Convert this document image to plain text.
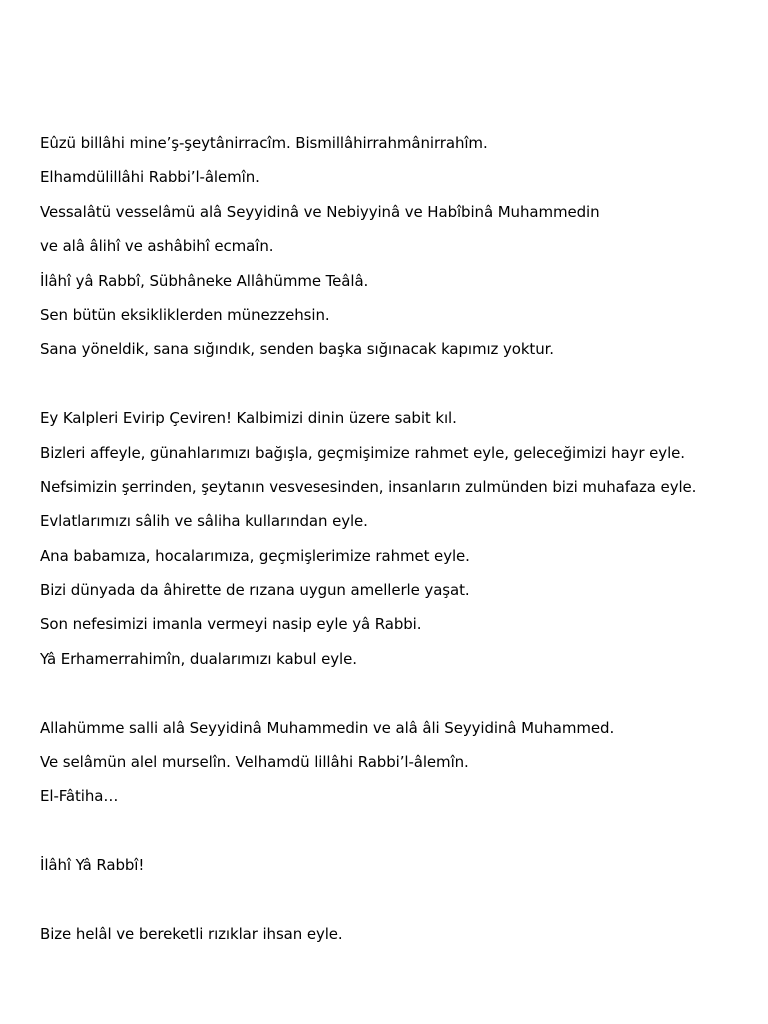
Eûzü billâhi mine’ş-şeytânirracîm. Bismillâhirrahmânirrahîm.
Elhamdülillâhi Rabbi’l-âlemîn.
Vessalâtü vesselâmü alâ Seyyidinâ ve Nebiyyinâ ve Habîbinâ Muhammedin
ve alâ âlihî ve ashâbihî ecmaîn.
İlâhî yâ Rabbî, Sübhâneke Allâhümme Teâlâ.
Sen bütün eksikliklerden münezzehsin.
Sana yöneldik, sana sığındık, senden başka sığınacak kapımız yoktur.
Ey Kalpleri Evirip Çeviren! Kalbimizi dinin üzere sabit kıl.
Bizleri affeyle, günahlarımızı bağışla, geçmişimize rahmet eyle, geleceğimizi hayr eyle.
Nefsimizin şerrinden, şeytanın vesvesesinden, insanların zulmünden bizi muhafaza eyle.
Evlatlarımızı sâlih ve sâliha kullarından eyle.
Ana babamıza, hocalarımıza, geçmişlerimize rahmet eyle.
Bizi dünyada da âhirette de rızana uygun amellerle yaşat.
Son nefesimizi imanla vermeyi nasip eyle yâ Rabbi.
Yâ Erhamerrahimîn, dualarımızı kabul eyle.
Allahümme salli alâ Seyyidinâ Muhammedin ve alâ âli Seyyidinâ Muhammed.
Ve selâmün alel murselîn. Velhamdü lillâhi Rabbi’l-âlemîn.
El-Fâtiha…
İlâhî Yâ Rabbî!
Bize helâl ve bereketli rızıklar ihsan eyle.
